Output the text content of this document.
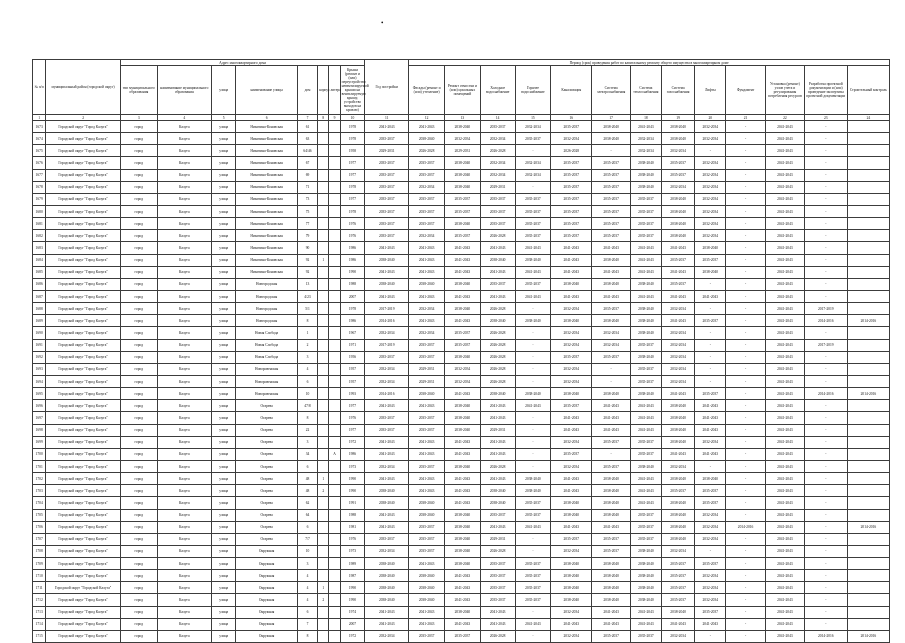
•
№ п/п	муниципальный район (городской округ)	Адрес многоквартирного дома								Год постройки	Период (срок) проведения работ по капитальному ремонту общего имущества в многоквартирном доме												
		тип муниципального образования	наименование муниципального образования	улица	наименование улицы	дом	корпус	литера	Крыша (ремонт и (или) переустройство невентилируемой крыши на вентилируемую крышу, устройство выходов на кровлю)		Фасады (ремонт и (или) утепление)	Ремонт отмостки и (или) цокольных помещений	Холодное водоснабжение	Горячее водоснабжение	Канализация	Система электроснабжения	Система теплоснабжения	Система газоснабжения	Лифты	Фундамент	Установка (ремонт) узлов учета и регулирования потребления ресурсов	Разработка проектной документации и (или) проведение экспертизы проектной документации	Строительный контроль
1	2	3	4	5	6	7	8	9	10	11	12	13	14	15	16	17	18	19	20	21	22	23	24
1673	Городской округ "Город Калуга"	город	Калуга	улица	Никитина-Коновская	61			1978	2041-2043	2041-2043	2038-2040	2035-2037	2032-2034	2035-2037	2038-2040	2041-2043	2038-2040	2032-2034	-	2041-2043	-	
1674	Городской округ "Город Калуга"	город	Калуга	улица	Никитина-Коновская	63			1978	2035-2037	2038-2040	2032-2034	2032-2034	2035-2037	2032-2034	2038-2040	2032-2034	2038-2040	2032-2034	-	2041-2043	-	
1675	Городской округ "Город Калуга"	город	Калуга	улица	Никитина-Коновская	64/46			1958	2029-2031	2026-2028	2029-2031	2026-2028	-	2026-2028	-	2032-2034	2032-2034	-	-	2041-2043	-	
1676	Городской округ "Город Калуга"	город	Калуга	улица	Никитина-Коновская	67			1977	2035-2037	2035-2037	2038-2040	2032-2034	2032-2034	2035-2037	2035-2037	2038-2040	2035-2037	2032-2034	-	2041-2043	-	
1677	Городской округ "Город Калуга"	город	Калуга	улица	Никитина-Коновская	69			1977	2035-2037	2035-2037	2038-2040	2032-2034	2032-2034	2035-2037	2035-2037	2038-2040	2035-2037	2032-2034	-	2041-2043	-	
1678	Городской округ "Город Калуга"	город	Калуга	улица	Никитина-Коновская	71			1978	2035-2037	2032-2034	2038-2040	2029-2031	-	2035-2037	2035-2037	2038-2040	2032-2034	2032-2034	-	2041-2043	-	
1679	Городской округ "Город Калуга"	город	Калуга	улица	Никитина-Коновская	73			1977	2035-2037	2035-2037	2035-2037	2035-2037	2035-2037	2035-2037	2035-2037	2035-2037	2038-2040	2032-2034	-	2041-2043	-	
1680	Городской округ "Город Калуга"	город	Калуга	улица	Никитина-Коновская	75			1978	2035-2037	2035-2037	2035-2037	2035-2037	2035-2037	2035-2037	2035-2037	2035-2037	2038-2040	2032-2034	-	2041-2043	-	
1681	Городской округ "Город Калуга"	город	Калуга	улица	Никитина-Коновская	77			1976	2035-2037	2035-2037	2038-2040	2035-2037	2035-2037	2035-2037	2035-2037	2035-2037	2038-2040	2032-2034	-	2041-2043	-	
1682	Городской округ "Город Калуга"	город	Калуга	улица	Никитина-Коновская	79			1976	2035-2037	2032-2034	2035-2037	2026-2028	2035-2037	2035-2037	2035-2037	2035-2037	2038-2040	2032-2034	-	2041-2043	-	
1683	Городской округ "Город Калуга"	город	Калуга	улица	Никитина-Коновская	90			1986	2041-2043	2041-2043	2041-2043	2041-2043	2041-2043	2041-2043	2041-2043	2041-2043	2041-2043	2038-2040	-	2041-2043	-	
1684	Городской округ "Город Калуга"	город	Калуга	улица	Никитина-Коновская	92	1		1986	2038-2040	2041-2043	2041-2043	2038-2040	2038-2040	2041-2043	2038-2040	2041-2043	2035-2037	2035-2037	-	2041-2043	-	
1685	Городской округ "Город Калуга"	город	Калуга	улица	Никитина-Коновская	92			1990	2041-2043	2041-2043	2041-2043	2041-2043	2041-2043	2041-2043	2041-2043	2041-2043	2041-2043	2038-2040	-	2041-2043	-	
1686	Городской округ "Город Калуга"	город	Калуга	улица	Новгородская	13			1988	2038-2040	2038-2040	2038-2040	2035-2037	2035-2037	2038-2040	2038-2040	2038-2040	2035-2037	-	-	2041-2043	-	
1687	Городской округ "Город Калуга"	город	Калуга	улица	Новгородская	4/23			2007	2041-2043	2041-2043	2041-2043	2041-2043	2041-2043	2041-2043	2041-2043	2041-2043	2041-2043	2041-2043	-	2041-2043	-	
1688	Городской округ "Город Калуга"	город	Калуга	улица	Новгородская	5/1			1978	2017-2019	2032-2034	2038-2040	2026-2028	-	2032-2034	2035-2037	2038-2040	2032-2034	-	-	2041-2043	2017-2019	
1689	Городской округ "Город Калуга"	город	Калуга	улица	Новгородская	8			1986	2014-2016	2041-2043	2041-2043	2038-2040	2038-2040	2038-2040	2038-2040	2038-2040	2041-2043	2035-2037	-	2041-2043	2014-2016	2014-2016
1690	Городской округ "Город Калуга"	город	Калуга	улица	Новая Слобода	1			1967	2032-2034	2032-2034	2035-2037	2026-2028	-	2032-2034	2032-2034	2038-2040	2032-2034	-	-	2041-2043	-	
1691	Городской округ "Город Калуга"	город	Калуга	улица	Новая Слобода	2			1971	2017-2019	2035-2037	2035-2037	2026-2028	-	2032-2034	2032-2034	2035-2037	2032-2034	-	-	2041-2043	2017-2019	
1692	Городской округ "Город Калуга"	город	Калуга	улица	Новая Слобода	3			1956	2035-2037	2035-2037	2038-2040	2026-2028	-	2035-2037	2035-2037	2038-2040	2032-2034	-	-	2041-2043	-	
1693	Городской округ "Город Калуга"	город	Калуга	улица	Новоровенская	4			1957	2032-2034	2029-2031	2032-2034	2026-2028	-	2032-2034	-	2035-2037	2032-2034	-	-	2041-2043	-	
1694	Городской округ "Город Калуга"	город	Калуга	улица	Новоровенская	6			1957	2032-2034	2029-2031	2032-2034	2026-2028	-	2032-2034	-	2035-2037	2032-2034	-	-	2041-2043	-	
1695	Городской округ "Город Калуга"	город	Калуга	улица	Новоровенская	10			1993	2014-2016	2038-2040	2041-2043	2038-2040	2038-2040	2038-2040	2038-2040	2038-2040	2041-2043	2035-2037	-	2041-2043	2014-2016	2014-2016
1696	Городской округ "Город Калуга"	город	Калуга	улица	Огарева	47/8			1977	2041-2043	2041-2043	2038-2040	2041-2043	2041-2043	2035-2037	2041-2043	2041-2043	2038-2040	2041-2043	-	2041-2043	-	
1697	Городской округ "Город Калуга"	город	Калуга	улица	Огарева	8			1976	2035-2037	2035-2037	2038-2040	2041-2043	-	2041-2043	2041-2043	2041-2043	2038-2040	2041-2043	-	2041-2043	-	
1698	Городской округ "Город Калуга"	город	Калуга	улица	Огарева	22			1977	2035-2037	2035-2037	2038-2040	2029-2031	-	2041-2043	2041-2043	2041-2043	2038-2040	2041-2043	-	2041-2043	-	
1699	Городской округ "Город Калуга"	город	Калуга	улица	Огарева	3			1972	2041-2043	2041-2043	2041-2043	2041-2043	-	2032-2034	2035-2037	2035-2037	2038-2040	2032-2034	-	2041-2043	-	
1700	Городской округ "Город Калуга"	город	Калуга	улица	Огарева	34		А	1986	2041-2043	2041-2043	2041-2043	2041-2043	-	2035-2037	-	2035-2037	2041-2043	2041-2043	-	2041-2043	-	
1701	Городской округ "Город Калуга"	город	Калуга	улица	Огарева	6			1973	2032-2034	2035-2037	2038-2040	2026-2028	-	2032-2034	2035-2037	2038-2040	2032-2034	-	-	2041-2043	-	
1702	Городской округ "Город Калуга"	город	Калуга	улица	Огарева	48	1		1990	2041-2043	2041-2043	2041-2043	2041-2043	2038-2040	2041-2043	2038-2040	2041-2043	2038-2040	2038-2040	-	2041-2043	-	
1703	Городской округ "Город Калуга"	город	Калуга	улица	Огарева	48	2		1990	2038-2040	2041-2043	2041-2043	2038-2040	2038-2040	2041-2043	2038-2040	2041-2043	2035-2037	2035-2037	-	2041-2043	-	
1704	Городской округ "Город Калуга"	город	Калуга	улица	Огарева	62			1991	2038-2040	2038-2040	2041-2043	2038-2040	2035-2037	2038-2040	2038-2040	2041-2043	2038-2040	2035-2037	-	2041-2043	-	
1705	Городской округ "Город Калуга"	город	Калуга	улица	Огарева	64			1988	2041-2043	2038-2040	2038-2040	2035-2037	2035-2037	2038-2040	2038-2040	2035-2037	2038-2040	2032-2034	-	2041-2043	-	
1706	Городской округ "Город Калуга"	город	Калуга	улица	Огарева	6			1981	2041-2043	2035-2037	2038-2040	2041-2043	2041-2043	2041-2043	2041-2043	2035-2037	2038-2040	2032-2034	2014-2016	2041-2043	-	2014-2016
1707	Городской округ "Город Калуга"	город	Калуга	улица	Огарева	7/7			1976	2035-2037	2035-2037	2038-2040	2029-2031	-	2035-2037	2035-2037	2035-2037	2038-2040	2032-2034	-	2041-2043	-	
1708	Городской округ "Город Калуга"	город	Калуга	улица	Окружная	10			1973	2032-2034	2035-2037	2038-2040	2026-2028	-	2032-2034	2035-2037	2038-2040	2032-2034	-	-	2041-2043	-	
1709	Городской округ "Город Калуга"	город	Калуга	улица	Окружная	3			1989	2038-2040	2041-2043	2038-2040	2035-2037	2035-2037	2038-2040	2038-2040	2038-2040	2035-2037	2035-2037	-	2041-2043	-	
1710	Городской округ "Город Калуга"	город	Калуга	улица	Окружная	4			1987	2038-2040	2038-2040	2041-2043	2035-2037	2035-2037	2038-2040	2038-2040	2038-2040	2035-2037	2032-2034	-	2041-2043	-	
1711	Городской округ "Городской Калуга"	город	Калуга	улица	Окружная	4	1		1990	2038-2040	2038-2040	2041-2043	2035-2037	2035-2037	2038-2040	2038-2040	2038-2040	2035-2037	2032-2034	-	2041-2043	-	
1712	Городской округ "Город Калуга"	город	Калуга	улица	Окружная	4	2		1990	2038-2040	2038-2040	2041-2043	2035-2037	2035-2037	2038-2040	2038-2040	2038-2040	2035-2037	2032-2034	-	2041-2043	-	
1713	Городской округ "Город Калуга"	город	Калуга	улица	Окружная	6			1974	2041-2043	2041-2043	2038-2040	2041-2043	-	2032-2034	2041-2043	2041-2043	2038-2040	2035-2037	-	2041-2043	-	
1714	Городской округ "Город Калуга"	город	Калуга	улица	Окружная	7			2007	2041-2043	2041-2043	2041-2043	2041-2043	2041-2043	2041-2043	2041-2043	2041-2043	2041-2043	2041-2043	-	2041-2043	-	
1715	Городской округ "Город Калуга"	город	Калуга	улица	Окружная	8			1972	2032-2034	2035-2037	2035-2037	2026-2028	-	2032-2034	2035-2037	2035-2037	2032-2034	-	-	2041-2043	2014-2016	2014-2016
